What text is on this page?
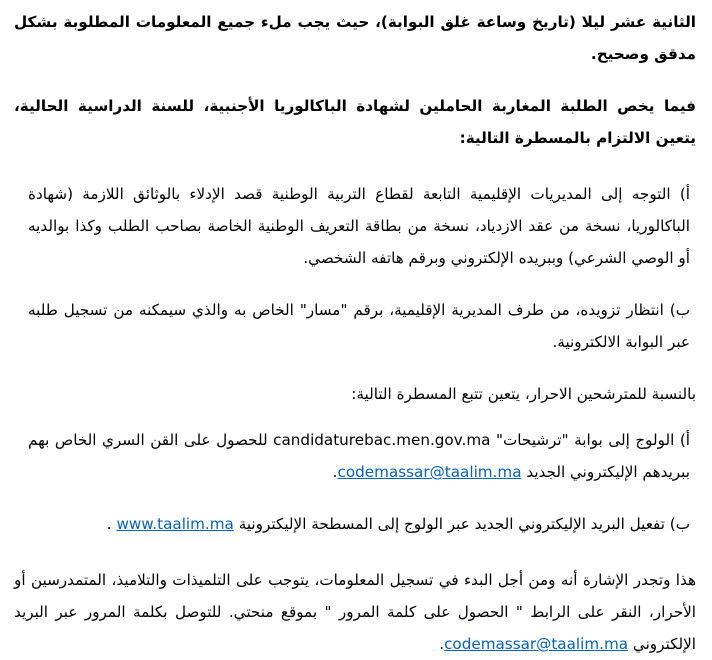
الثانية عشر ليلا (تاريخ وساعة غلق البوابة)، حيث يجب ملء جميع المعلومات المطلوبة بشكل مدقق وصحيح.

فيما يخص الطلبة المغاربة الحاملين لشهادة الباكالوريا الأجنبية، للسنة الدراسية الحالية، يتعين الالتزام بالمسطرة التالية:

أ) التوجه إلى المديريات الإقليمية التابعة لقطاع التربية الوطنية قصد الإدلاء بالوثائق اللازمة (شهادة الباكالوريا، نسخة من عقد الازدياد، نسخة من بطاقة التعريف الوطنية الخاصة بصاحب الطلب وكذا بوالديه أو الوصي الشرعي) وببريده الإلكتروني وبرقم هاتفه الشخصي.

ب) انتظار تزويده، من طرف المديرية الإقليمية، برقم "مسار" الخاص به والذي سيمكنه من تسجيل طلبه عبر البوابة الالكترونية.

بالنسبة للمترشحين الاحرار، يتعين تتبع المسطرة التالية:

أ) الولوج إلى بوابة "ترشيحات" candidaturebac.men.gov.ma للحصول على القن السري الخاص بهم ببريدهم الإليكتروني الجديد codemassar@taalim.ma.

ب) تفعيل البريد الإليكتروني الجديد عبر الولوج إلى المسطحة الإليكترونية www.taalim.ma .

هذا وتجدر الإشارة أنه ومن أجل البدء في تسجيل المعلومات، يتوجب على التلميذات والتلاميذ، المتمدرسين أو الأحرار، النقر على الرابط " الحصول على كلمة المرور " بموقع منحتي. للتوصل بكلمة المرور عبر البريد الإلكتروني codemassar@taalim.ma.
